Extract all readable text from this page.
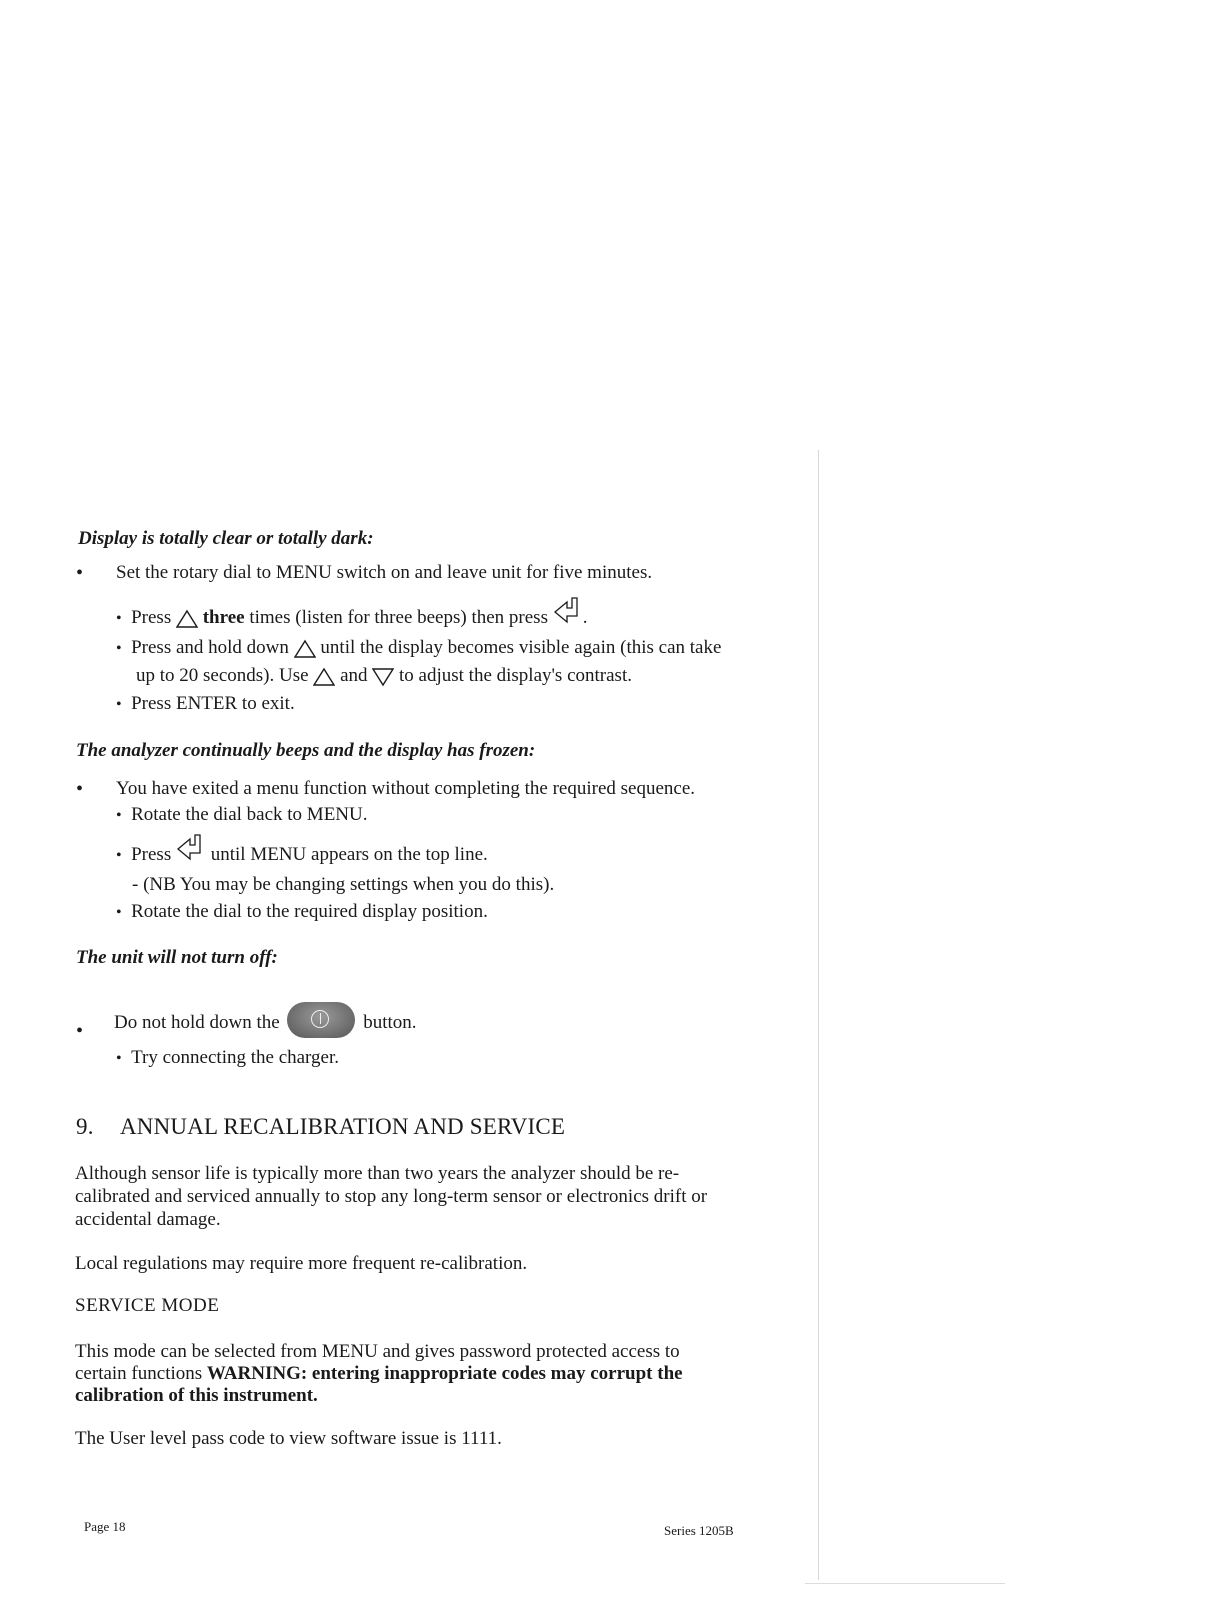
Display is totally clear or totally dark:
• Set the rotary dial to MENU switch on and leave unit for five minutes.
• Press three times (listen for three beeps) then press .
• Press and hold down until the display becomes visible again (this can take
up to 20 seconds). Use and to adjust the display's contrast.
• Press ENTER to exit.
The analyzer continually beeps and the display has frozen:
• You have exited a menu function without completing the required sequence.
• Rotate the dial back to MENU.
• Press until MENU appears on the top line.
- (NB You may be changing settings when you do this).
• Rotate the dial to the required display position.
The unit will not turn off:
• Do not hold down the	button.
• Try connecting the charger.
9. ANNUAL RECALIBRATION AND SERVICE
Although sensor life is typically more than two years the analyzer should be re-
calibrated and serviced annually to stop any long-term sensor or electronics drift or
accidental damage.
Local regulations may require more frequent re-calibration.
SERVICE MODE
This mode can be selected from MENU and gives password protected access to
certain functions WARNING: entering inappropriate codes may corrupt the
calibration of this instrument.
The User level pass code to view software issue is 1111.
Page 18	Series 1205B
